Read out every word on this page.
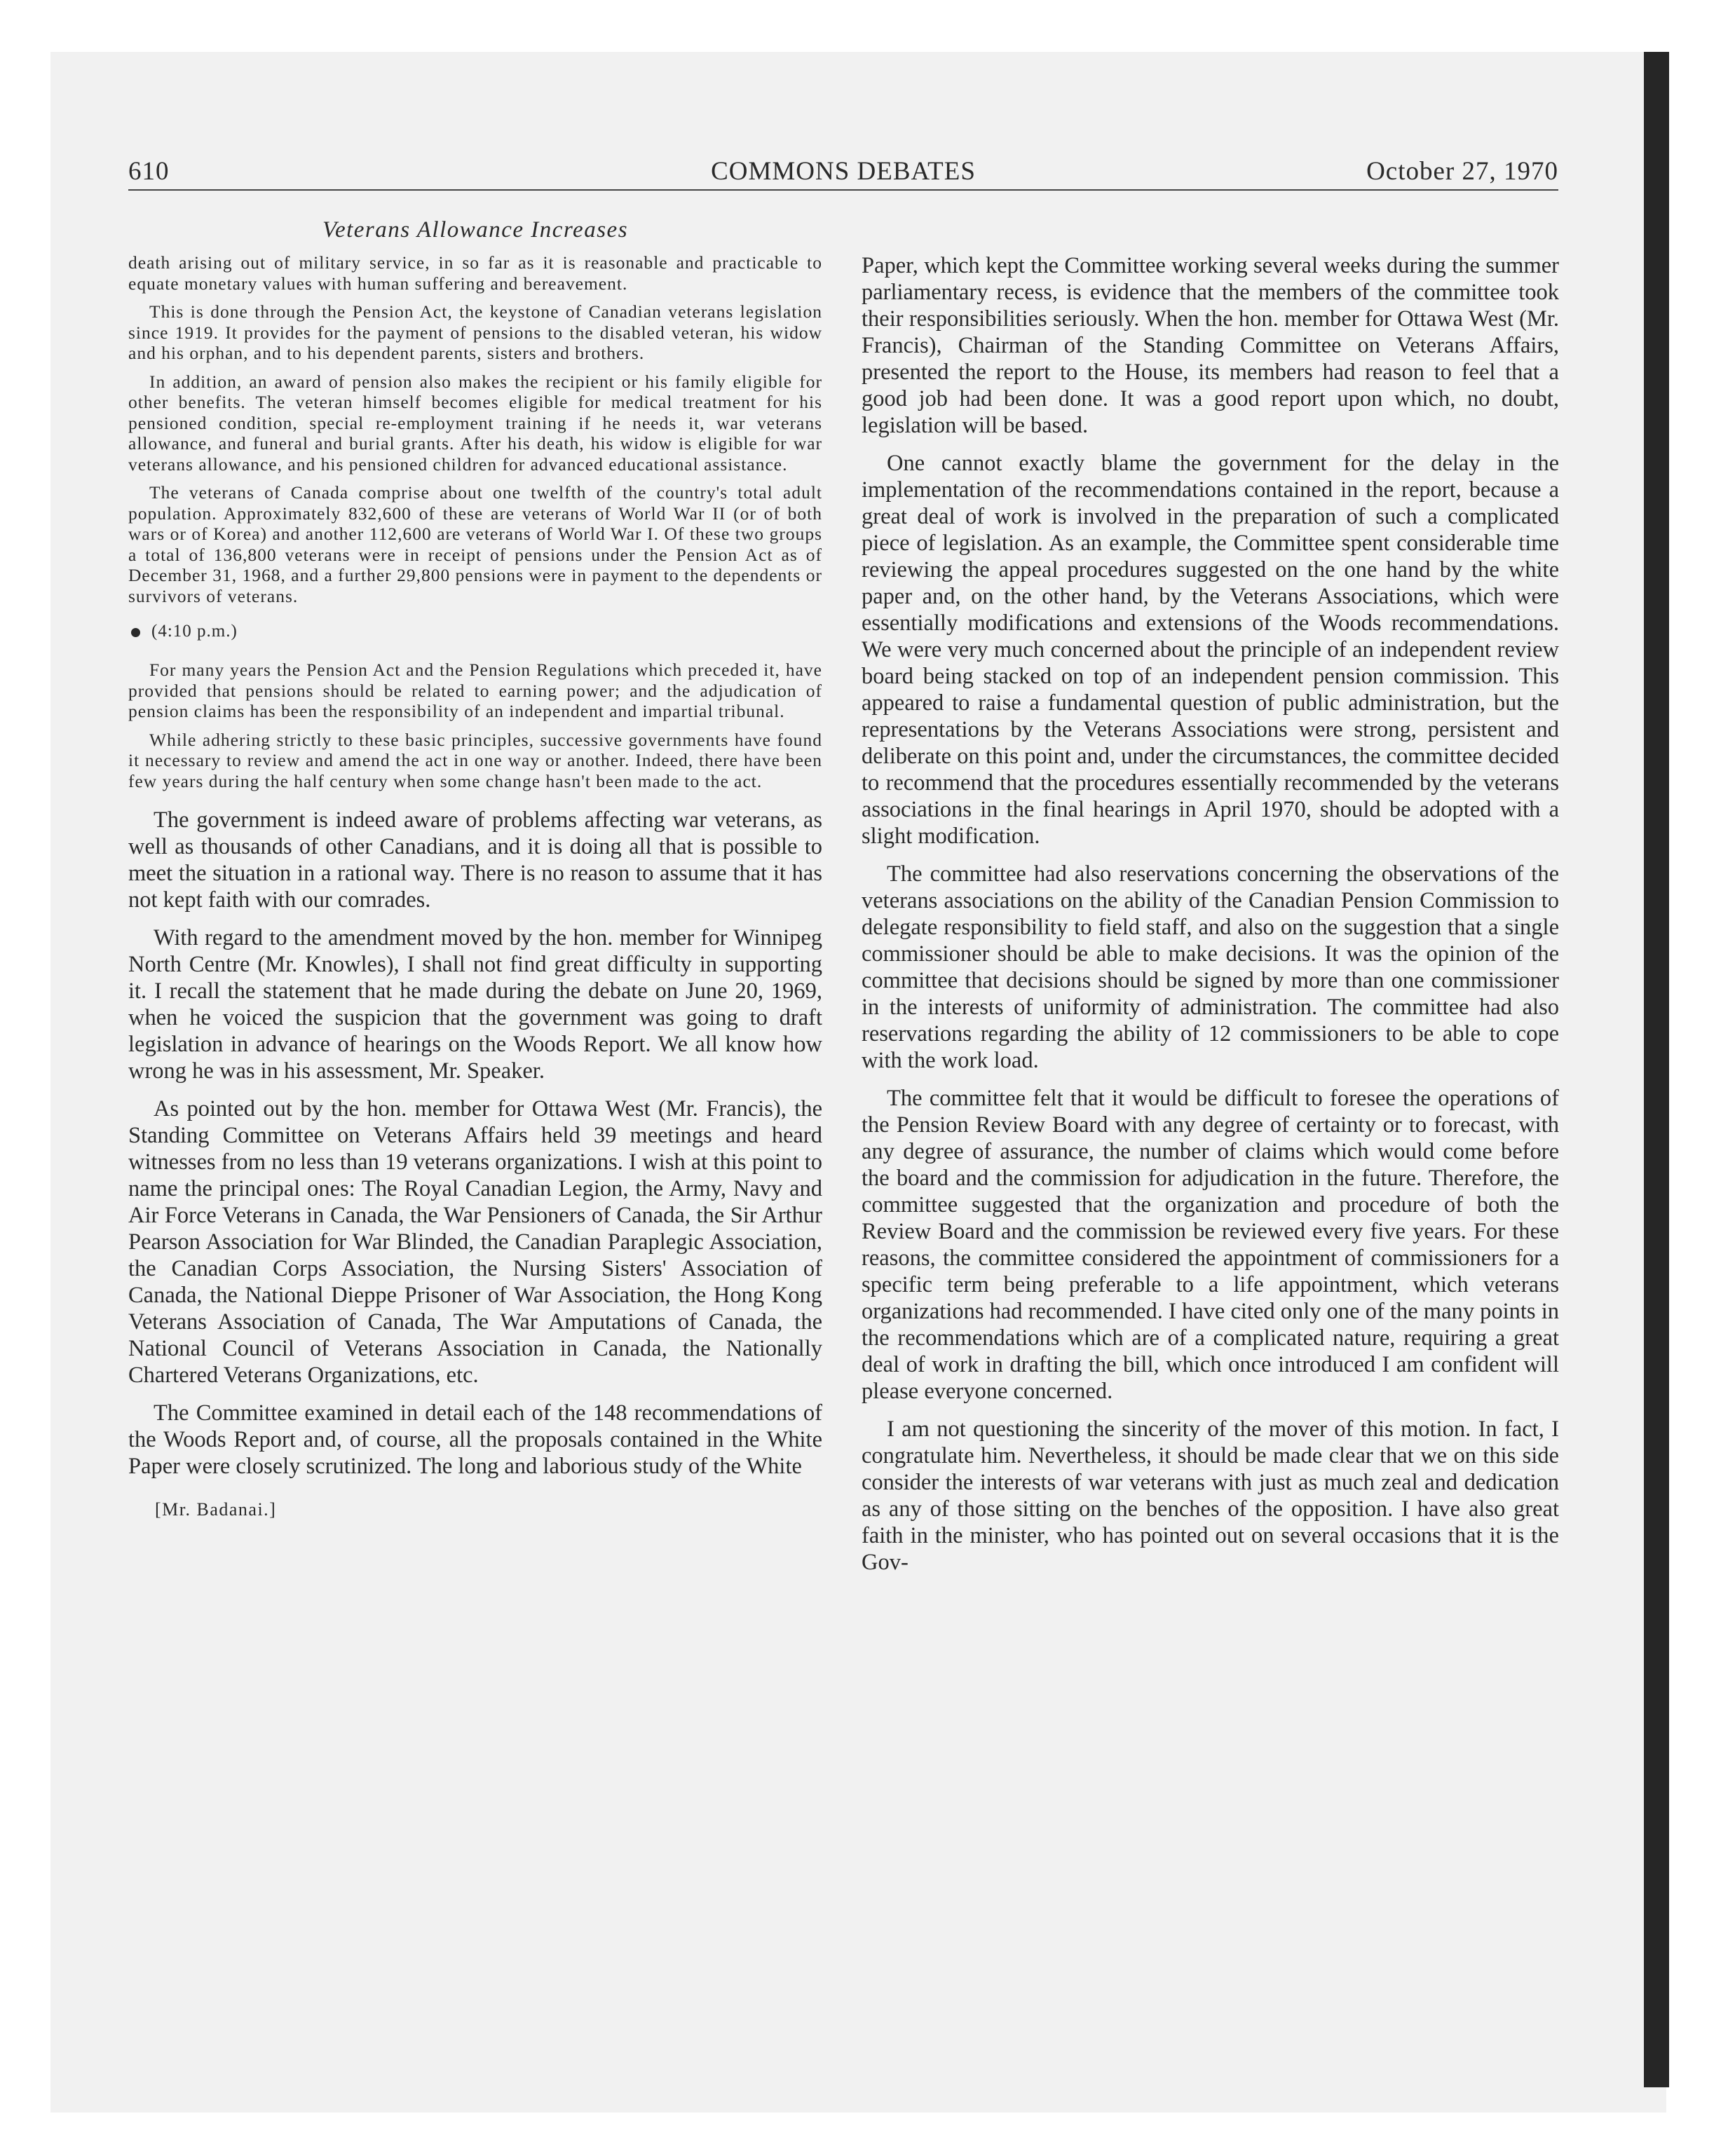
610	COMMONS DEBATES	October 27, 1970
Veterans Allowance Increases

death arising out of military service, in so far as it is reasonable and practicable to equate monetary values with human suffering and bereavement.

This is done through the Pension Act, the keystone of Canadian veterans legislation since 1919. It provides for the payment of pensions to the disabled veteran, his widow and his orphan, and to his dependent parents, sisters and brothers.

In addition, an award of pension also makes the recipient or his family eligible for other benefits. The veteran himself becomes eligible for medical treatment for his pensioned condition, special re-employment training if he needs it, war veterans allowance, and funeral and burial grants. After his death, his widow is eligible for war veterans allowance, and his pensioned children for advanced educational assistance.

The veterans of Canada comprise about one twelfth of the country's total adult population. Approximately 832,600 of these are veterans of World War II (or of both wars or of Korea) and another 112,600 are veterans of World War I. Of these two groups a total of 136,800 veterans were in receipt of pensions under the Pension Act as of December 31, 1968, and a further 29,800 pensions were in payment to the dependents or survivors of veterans.

(4:10 p.m.)

For many years the Pension Act and the Pension Regulations which preceded it, have provided that pensions should be related to earning power; and the adjudication of pension claims has been the responsibility of an independent and impartial tribunal.

While adhering strictly to these basic principles, successive governments have found it necessary to review and amend the act in one way or another. Indeed, there have been few years during the half century when some change hasn't been made to the act.

The government is indeed aware of problems affecting war veterans, as well as thousands of other Canadians, and it is doing all that is possible to meet the situation in a rational way. There is no reason to assume that it has not kept faith with our comrades.

With regard to the amendment moved by the hon. member for Winnipeg North Centre (Mr. Knowles), I shall not find great difficulty in supporting it. I recall the statement that he made during the debate on June 20, 1969, when he voiced the suspicion that the government was going to draft legislation in advance of hearings on the Woods Report. We all know how wrong he was in his assessment, Mr. Speaker.

As pointed out by the hon. member for Ottawa West (Mr. Francis), the Standing Committee on Veterans Affairs held 39 meetings and heard witnesses from no less than 19 veterans organizations. I wish at this point to name the principal ones: The Royal Canadian Legion, the Army, Navy and Air Force Veterans in Canada, the War Pensioners of Canada, the Sir Arthur Pearson Association for War Blinded, the Canadian Paraplegic Association, the Canadian Corps Association, the Nursing Sisters' Association of Canada, the National Dieppe Prisoner of War Association, the Hong Kong Veterans Association of Canada, The War Amputations of Canada, the National Council of Veterans Association in Canada, the Nationally Chartered Veterans Organizations, etc.

The Committee examined in detail each of the 148 recommendations of the Woods Report and, of course, all the proposals contained in the White Paper were closely scrutinized. The long and laborious study of the White

[Mr. Badanai.]

Paper, which kept the Committee working several weeks during the summer parliamentary recess, is evidence that the members of the committee took their responsibilities seriously. When the hon. member for Ottawa West (Mr. Francis), Chairman of the Standing Committee on Veterans Affairs, presented the report to the House, its members had reason to feel that a good job had been done. It was a good report upon which, no doubt, legislation will be based.

One cannot exactly blame the government for the delay in the implementation of the recommendations contained in the report, because a great deal of work is involved in the preparation of such a complicated piece of legislation. As an example, the Committee spent considerable time reviewing the appeal procedures suggested on the one hand by the white paper and, on the other hand, by the Veterans Associations, which were essentially modifications and extensions of the Woods recommendations. We were very much concerned about the principle of an independent review board being stacked on top of an independent pension commission. This appeared to raise a fundamental question of public administration, but the representations by the Veterans Associations were strong, persistent and deliberate on this point and, under the circumstances, the committee decided to recommend that the procedures essentially recommended by the veterans associations in the final hearings in April 1970, should be adopted with a slight modification.

The committee had also reservations concerning the observations of the veterans associations on the ability of the Canadian Pension Commission to delegate responsibility to field staff, and also on the suggestion that a single commissioner should be able to make decisions. It was the opinion of the committee that decisions should be signed by more than one commissioner in the interests of uniformity of administration. The committee had also reservations regarding the ability of 12 commissioners to be able to cope with the work load.

The committee felt that it would be difficult to foresee the operations of the Pension Review Board with any degree of certainty or to forecast, with any degree of assurance, the number of claims which would come before the board and the commission for adjudication in the future. Therefore, the committee suggested that the organization and procedure of both the Review Board and the commission be reviewed every five years. For these reasons, the committee considered the appointment of commissioners for a specific term being preferable to a life appointment, which veterans organizations had recommended. I have cited only one of the many points in the recommendations which are of a complicated nature, requiring a great deal of work in drafting the bill, which once introduced I am confident will please everyone concerned.

I am not questioning the sincerity of the mover of this motion. In fact, I congratulate him. Nevertheless, it should be made clear that we on this side consider the interests of war veterans with just as much zeal and dedication as any of those sitting on the benches of the opposition. I have also great faith in the minister, who has pointed out on several occasions that it is the Gov-
